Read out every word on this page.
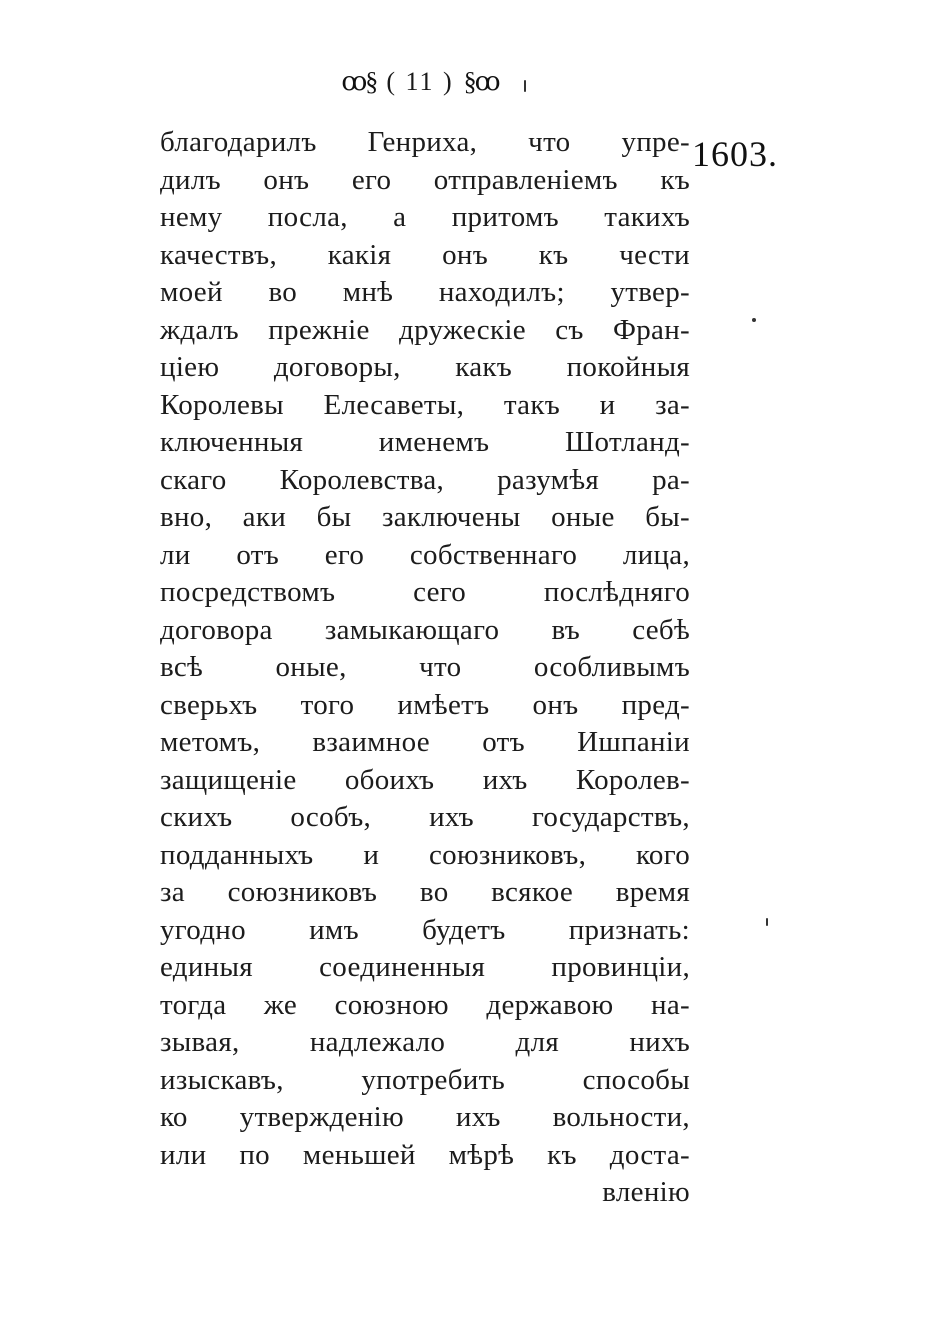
ꝏ§ ( 11 ) §ꝏ
1603.
благодарилъ Генриха, что упре-
дилъ онъ его отправленіемъ къ
нему посла, а притомъ такихъ
качествъ, какія онъ къ чести
моей во мнѣ находилъ; утвер-
ждалъ прежніе дружескіе съ Фран-
ціею договоры, какъ покойныя
Королевы Елесаветы, такъ и за-
ключенныя именемъ Шотланд-
скаго Королевства, разумѣя ра-
вно, аки бы заключены оные бы-
ли отъ его собственнаго лица,
посредствомъ сего послѣдняго
договора замыкающаго въ себѣ
всѣ оные, что особливымъ
сверьхъ того имѣетъ онъ пред-
метомъ, взаимное отъ Ишпаніи
защищеніе обоихъ ихъ Королев-
скихъ особъ, ихъ государствъ,
подданныхъ и союзниковъ, кого
за союзниковъ во всякое время
угодно имъ будетъ признать:
единыя соединенныя провинціи,
тогда же союзною державою на-
зывая, надлежало для нихъ
изыскавъ, употребить способы
ко утвержденію ихъ вольности,
или по меньшей мѣрѣ къ доста-
вленію
